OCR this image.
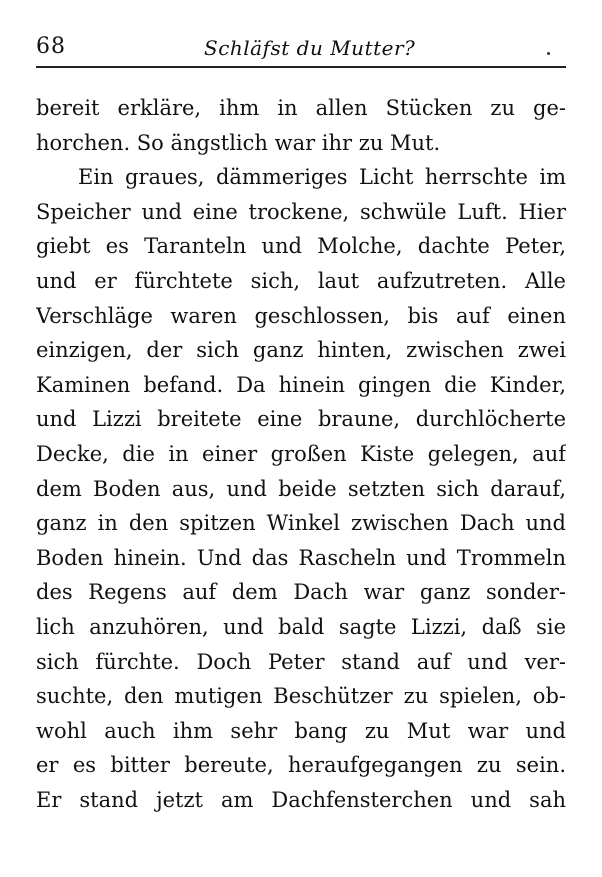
68	Schläfst du Mutter?
bereit erkläre, ihm in allen Stücken zu ge-
horchen. So ängstlich war ihr zu Mut.
Ein graues, dämmeriges Licht herrschte im
Speicher und eine trockene, schwüle Luft. Hier
giebt es Taranteln und Molche, dachte Peter,
und er fürchtete sich, laut aufzutreten. Alle
Verschläge waren geschlossen, bis auf einen
einzigen, der sich ganz hinten, zwischen zwei
Kaminen befand. Da hinein gingen die Kinder,
und Lizzi breitete eine braune, durchlöcherte
Decke, die in einer großen Kiste gelegen, auf
dem Boden aus, und beide setzten sich darauf,
ganz in den spitzen Winkel zwischen Dach und
Boden hinein. Und das Rascheln und Trommeln
des Regens auf dem Dach war ganz sonder-
lich anzuhören, und bald sagte Lizzi, daß sie
sich fürchte. Doch Peter stand auf und ver-
suchte, den mutigen Beschützer zu spielen, ob-
wohl auch ihm sehr bang zu Mut war und
er es bitter bereute, heraufgegangen zu sein.
Er stand jetzt am Dachfensterchen und sah
